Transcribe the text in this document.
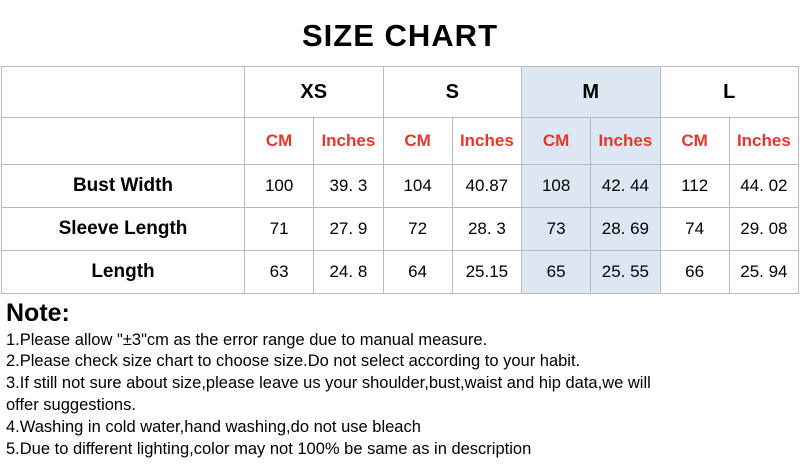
SIZE CHART
	XS		S		M		L	
	CM	Inches	CM	Inches	CM	Inches	CM	Inches
Bust Width	100	39. 3	104	40.87	108	42. 44	112	44. 02
Sleeve Length	71	27. 9	72	28. 3	73	28. 69	74	29. 08
Length	63	24. 8	64	25.15	65	25. 55	66	25. 94
Note:
1.Please allow "±3"cm as the error range due to manual measure.
2.Please check size chart to choose size.Do not select according to your habit.
3.If still not sure about size,please leave us your shoulder,bust,waist and hip data,we will
offer suggestions.
4.Washing in cold water,hand washing,do not use bleach
5.Due to different lighting,color may not 100% be same as in description
